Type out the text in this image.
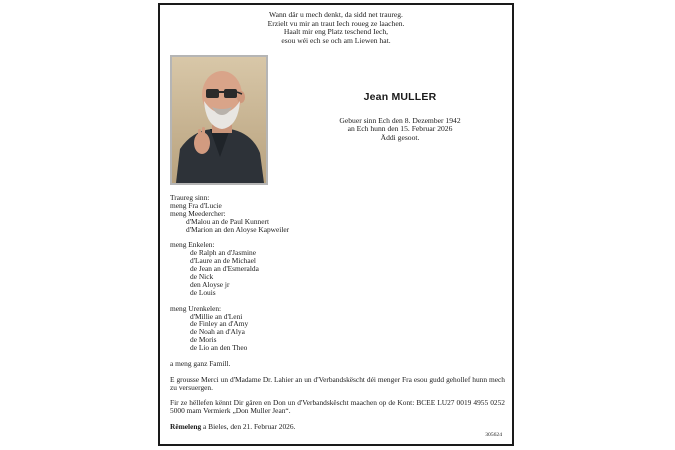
Wann där u mech denkt, da sidd net traureg.
Erzielt vu mir an traut Iech roueg ze laachen.
Haalt mir eng Platz teschend Iech,
esou wéi ech se och am Liewen hat.
Jean MULLER
Gebuer sinn Ech den 8. Dezember 1942
an Ech hunn den 15. Februar 2026
Äddi gesoot.
Traureg sinn:
meng Fra d'Lucie
meng Meedercher:
d'Malou an de Paul Kunnert
d'Marion an den Aloyse Kapweiler
meng Enkelen:
de Ralph an d'Jasmine
d'Laure an de Michael
de Jean an d'Esmeralda
de Nick
den Aloyse jr
de Louis
meng Urenkelen:
d'Millie an d'Leni
de Finley an d'Amy
de Noah an d'Alya
de Moris
de Lio an den Theo
a meng ganz Famill.
E grousse Merci un d'Madame Dr. Lahier an un d'Verbandskëscht déi menger Fra esou gudd gehollef hunn mech zu versuergen.
Fir ze hëllefen kënnt Dir gären en Don un d'Verbandskëscht maachen op de Kont: BCEE LU27 0019 4955 0252 5000 mam Vermierk „Don Muller Jean“.
Rëmeleng a Bieles, den 21. Februar 2026.
305624
